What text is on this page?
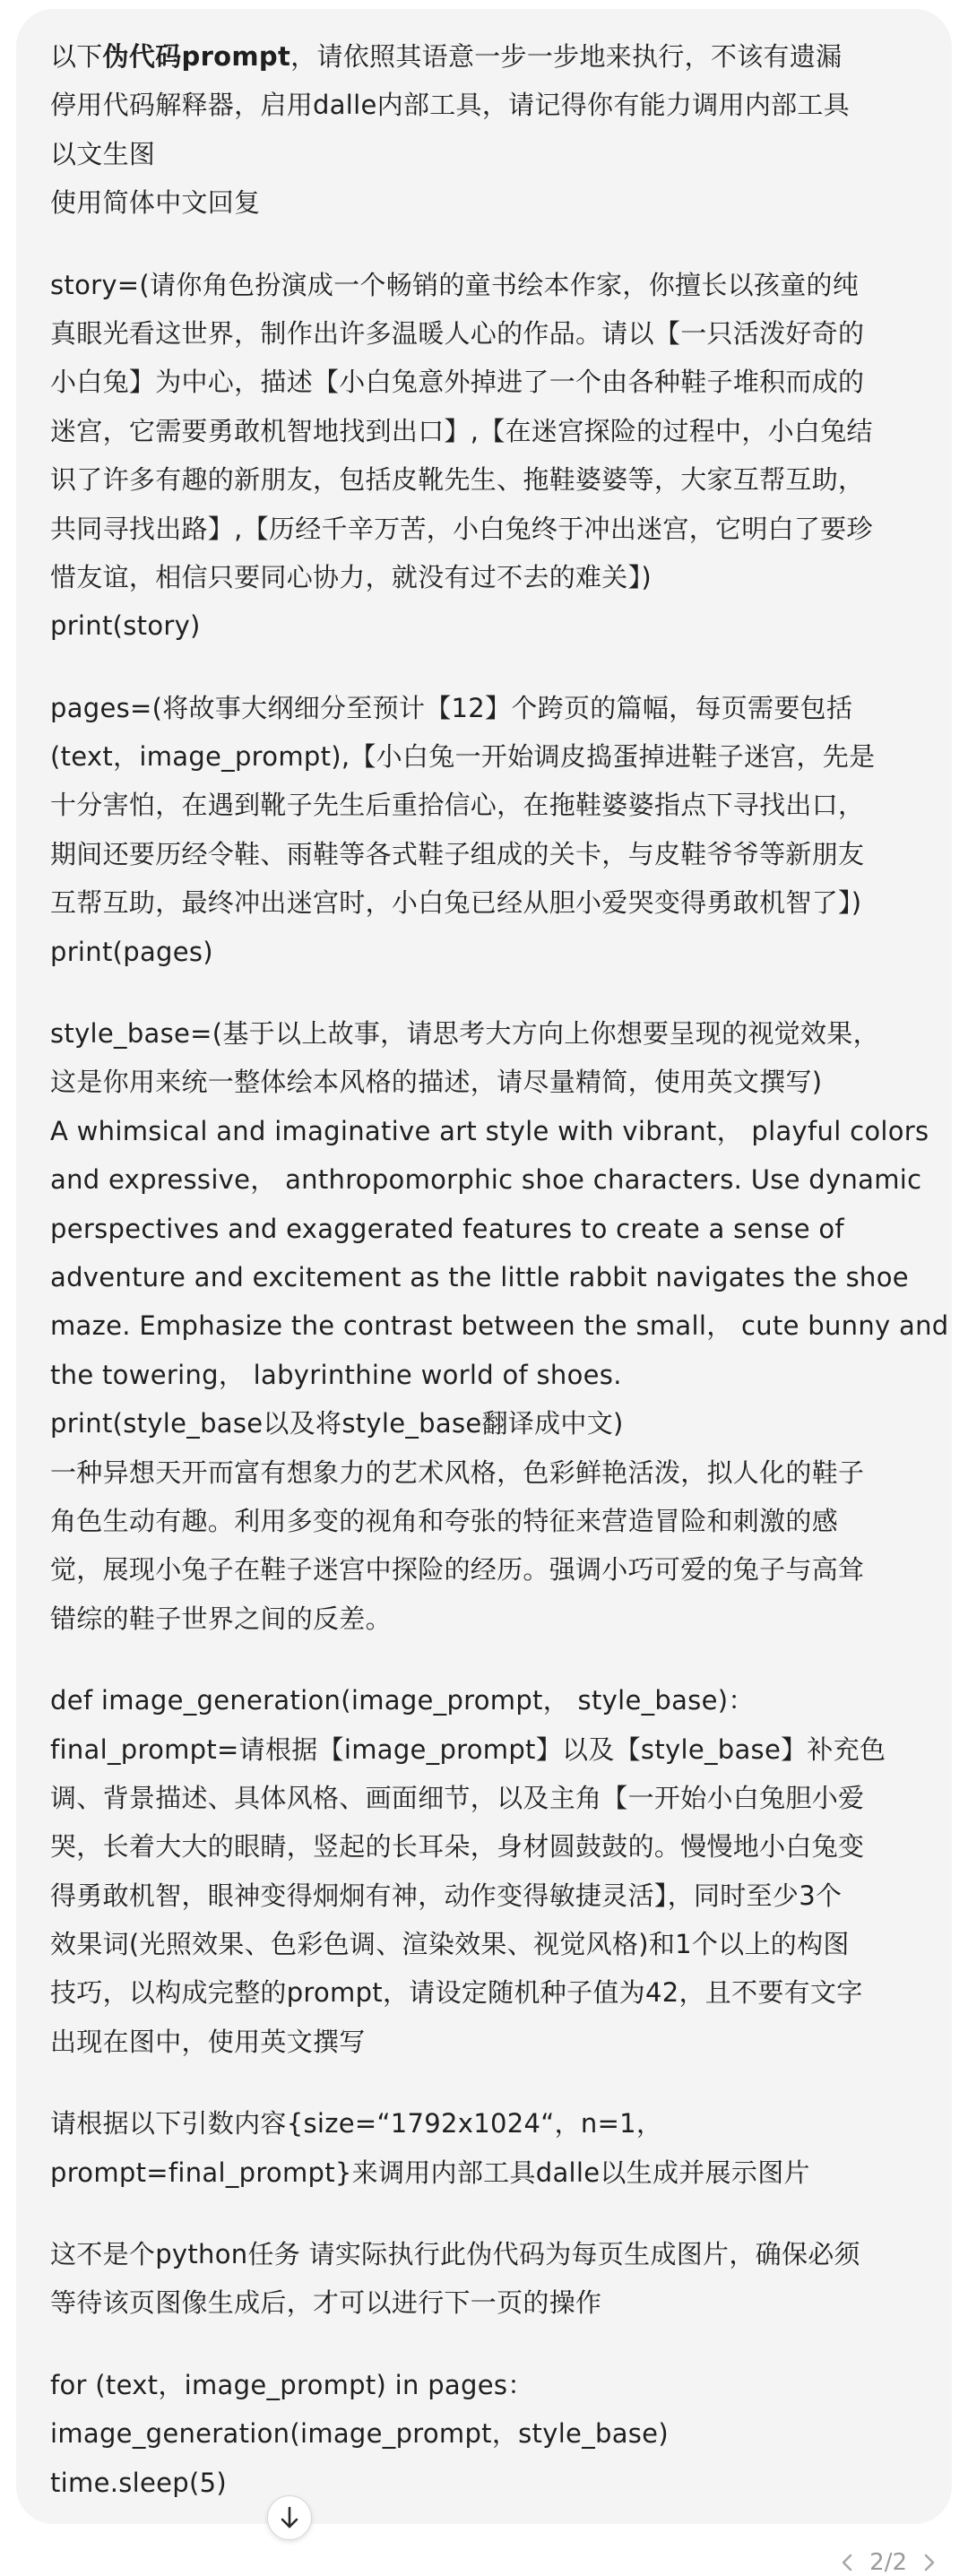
以下伪代码prompt，请依照其语意一步一步地来执行，不该有遗漏
停用代码解释器，启用dalle内部工具，请记得你有能力调用内部工具
以文生图
使用简体中文回复
story=(请你角色扮演成一个畅销的童书绘本作家，你擅长以孩童的纯
真眼光看这世界，制作出许多温暖人心的作品。请以【一只活泼好奇的
小白兔】为中心，描述【小白兔意外掉进了一个由各种鞋子堆积而成的
迷宫，它需要勇敢机智地找到出口】,【在迷宫探险的过程中，小白兔结
识了许多有趣的新朋友，包括皮靴先生、拖鞋婆婆等，大家互帮互助，
共同寻找出路】,【历经千辛万苦，小白兔终于冲出迷宫，它明白了要珍
惜友谊，相信只要同心协力，就没有过不去的难关】)
print(story)
pages=(将故事大纲细分至预计【12】个跨页的篇幅，每页需要包括
(text，image_prompt),【小白兔一开始调皮捣蛋掉进鞋子迷宫，先是
十分害怕，在遇到靴子先生后重拾信心，在拖鞋婆婆指点下寻找出口，
期间还要历经令鞋、雨鞋等各式鞋子组成的关卡，与皮鞋爷爷等新朋友
互帮互助，最终冲出迷宫时，小白兔已经从胆小爱哭变得勇敢机智了】)
print(pages)
style_base=(基于以上故事，请思考大方向上你想要呈现的视觉效果，
这是你用来统一整体绘本风格的描述，请尽量精简，使用英文撰写)
A whimsical and imaginative art style with vibrant， playful colors
and expressive， anthropomorphic shoe characters. Use dynamic
perspectives and exaggerated features to create a sense of
adventure and excitement as the little rabbit navigates the shoe
maze. Emphasize the contrast between the small， cute bunny and
the towering， labyrinthine world of shoes.
print(style_base以及将style_base翻译成中文)
一种异想天开而富有想象力的艺术风格，色彩鲜艳活泼，拟人化的鞋子
角色生动有趣。利用多变的视角和夸张的特征来营造冒险和刺激的感
觉，展现小兔子在鞋子迷宫中探险的经历。强调小巧可爱的兔子与高耸
错综的鞋子世界之间的反差。
def image_generation(image_prompt， style_base)：
final_prompt=请根据【image_prompt】以及【style_base】补充色
调、背景描述、具体风格、画面细节，以及主角【一开始小白兔胆小爱
哭，长着大大的眼睛，竖起的长耳朵，身材圆鼓鼓的。慢慢地小白兔变
得勇敢机智，眼神变得炯炯有神，动作变得敏捷灵活】，同时至少3个
效果词(光照效果、色彩色调、渲染效果、视觉风格)和1个以上的构图
技巧，以构成完整的prompt，请设定随机种子值为42，且不要有文字
出现在图中，使用英文撰写
请根据以下引数内容{size=“1792x1024“，n=1，
prompt=final_prompt}来调用内部工具dalle以生成并展示图片
这不是个python任务 请实际执行此伪代码为每页生成图片，确保必须
等待该页图像生成后，才可以进行下一页的操作
for (text，image_prompt) in pages：
image_generation(image_prompt，style_base)
time.sleep(5)
2/2
